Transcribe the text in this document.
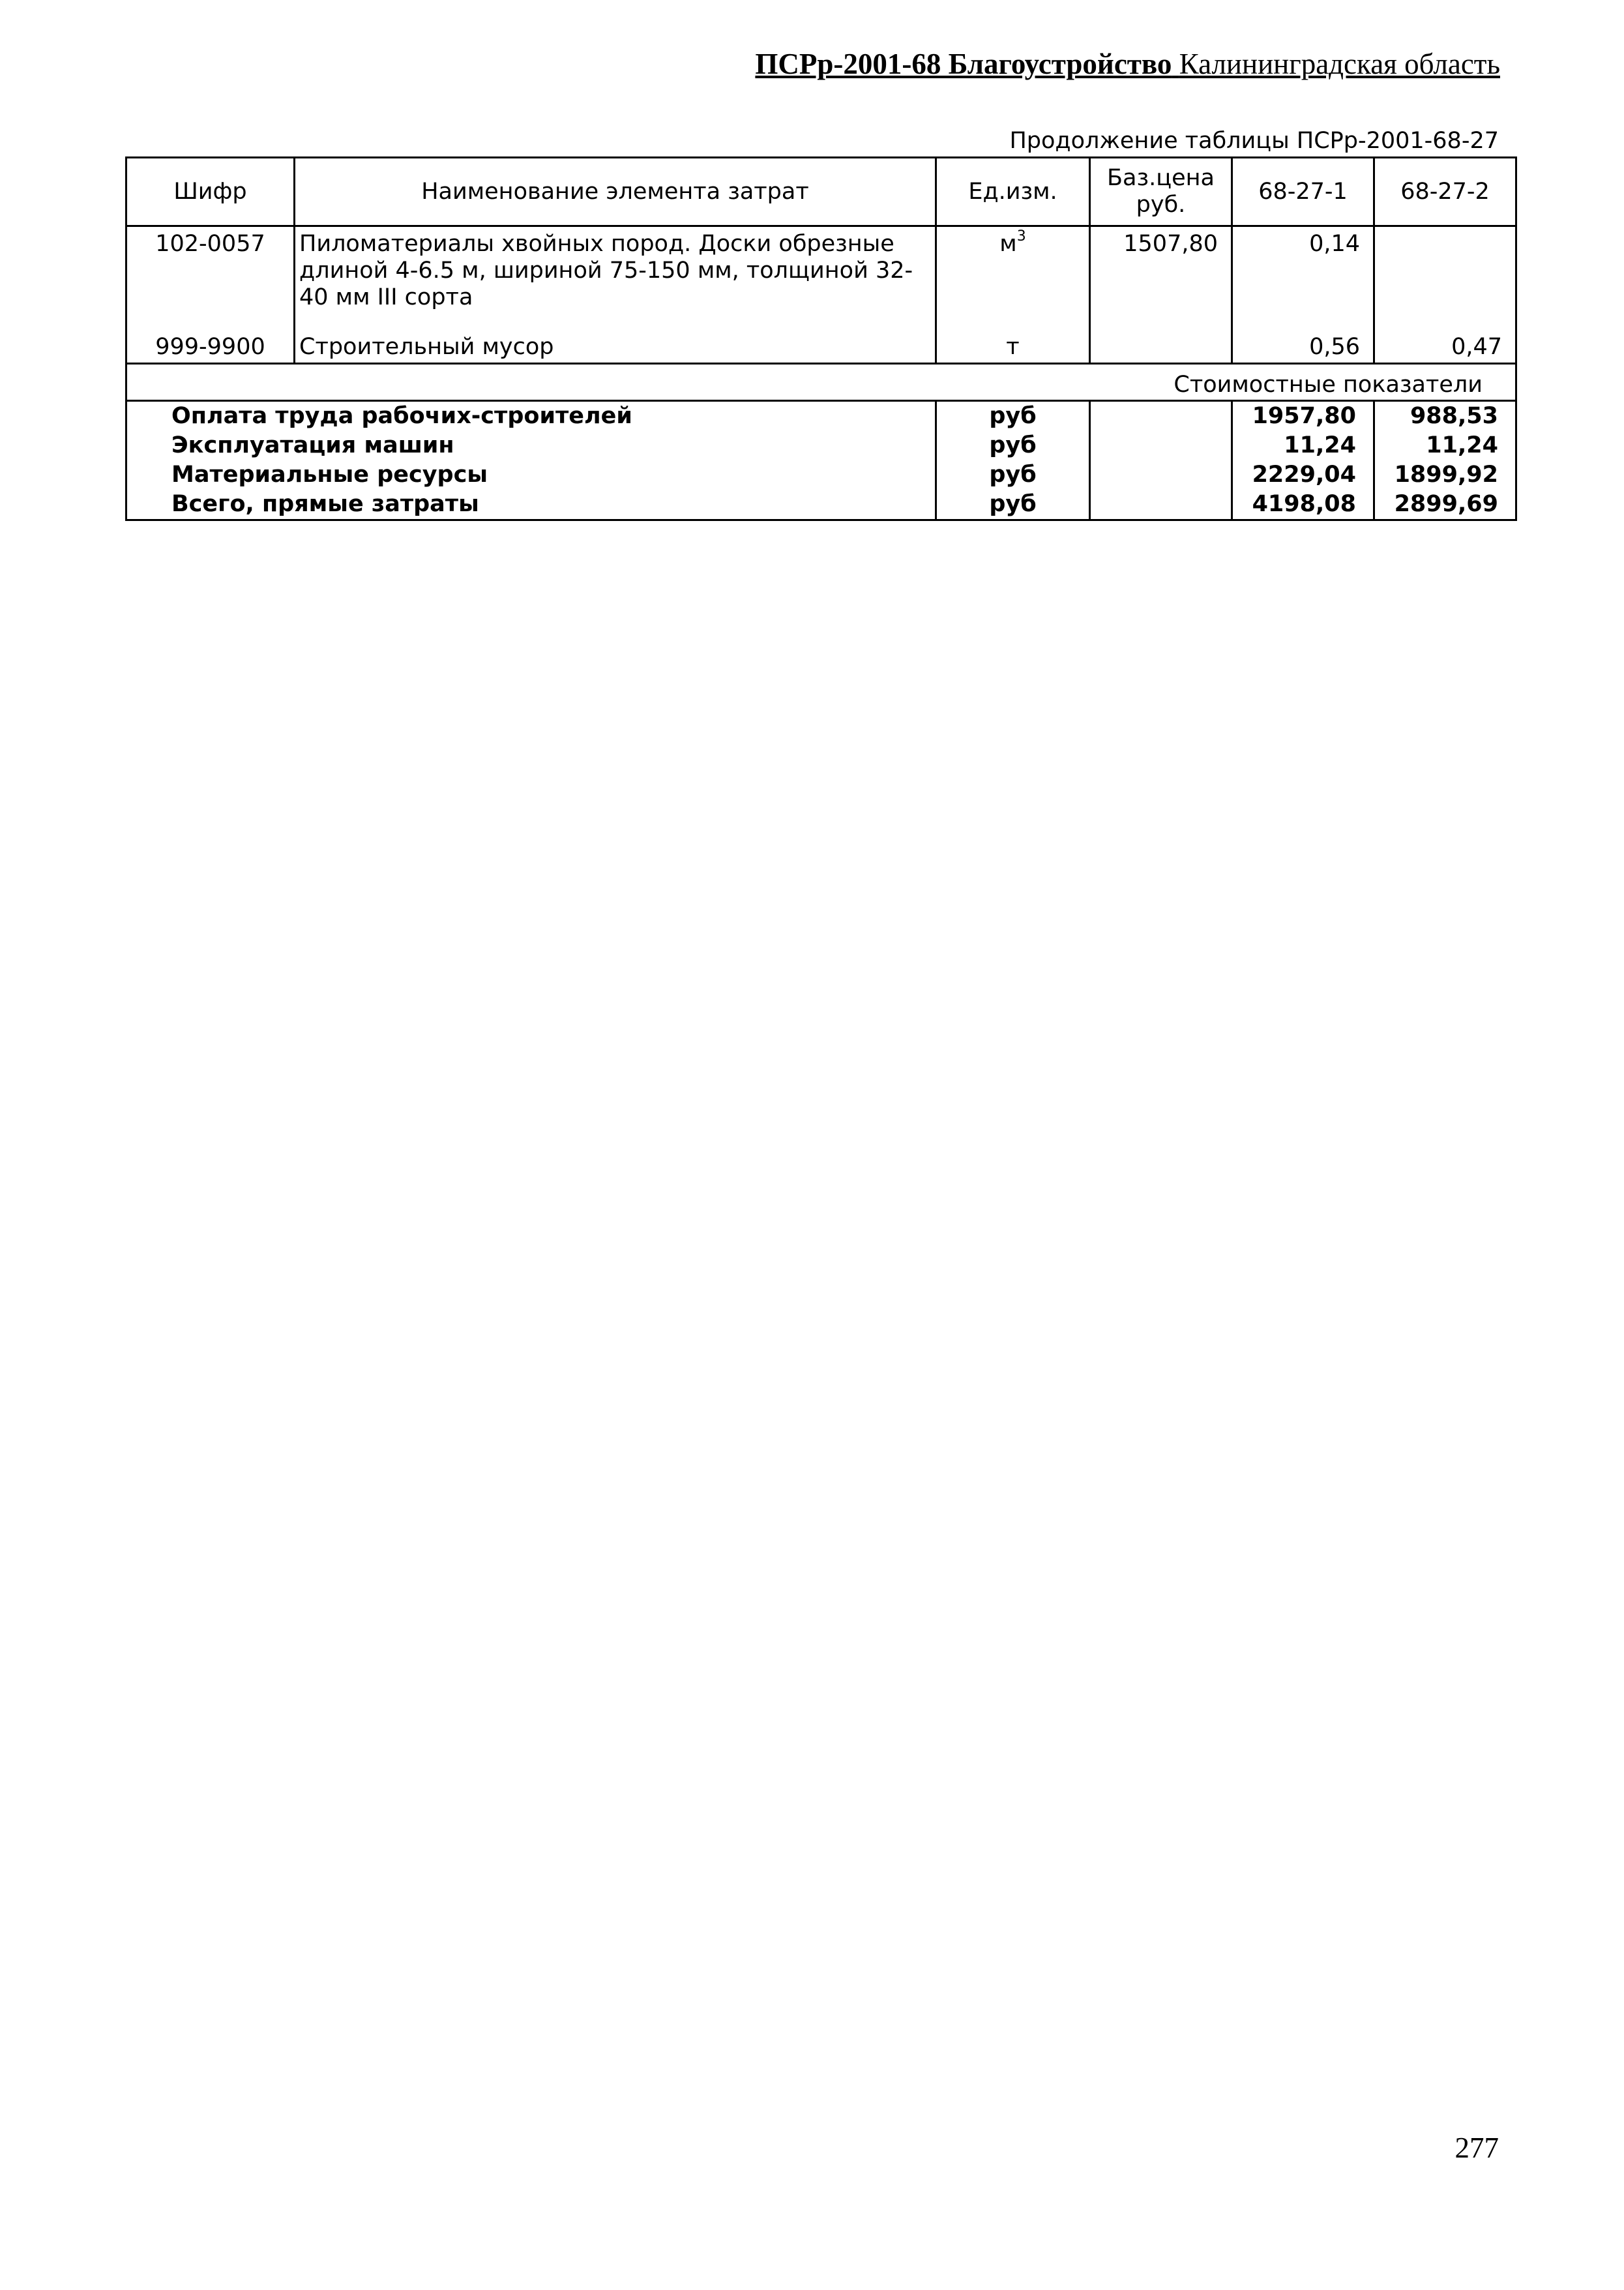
ПСРр-2001-68 Благоустройство Калининградская область
Продолжение таблицы ПСРр-2001-68-27
Шифр	Наименование элемента затрат	Ед.изм.	Баз.цена руб.	68-27-1	68-27-2
102-0057	Пиломатериалы хвойных пород. Доски обрезные длиной 4-6.5 м, шириной 75-150 мм, толщиной 32-40 мм III сорта	$м^3$	1507,80	0,14	
999-9900	Строительный мусор	т		0,56	0,47
Стоимостные показатели					
Оплата труда рабочих-строителей		руб		1957,80	988,53
Эксплуатация машин		руб		11,24	11,24
Материальные ресурсы		руб		2229,04	1899,92
Всего, прямые затраты		руб		4198,08	2899,69
277
